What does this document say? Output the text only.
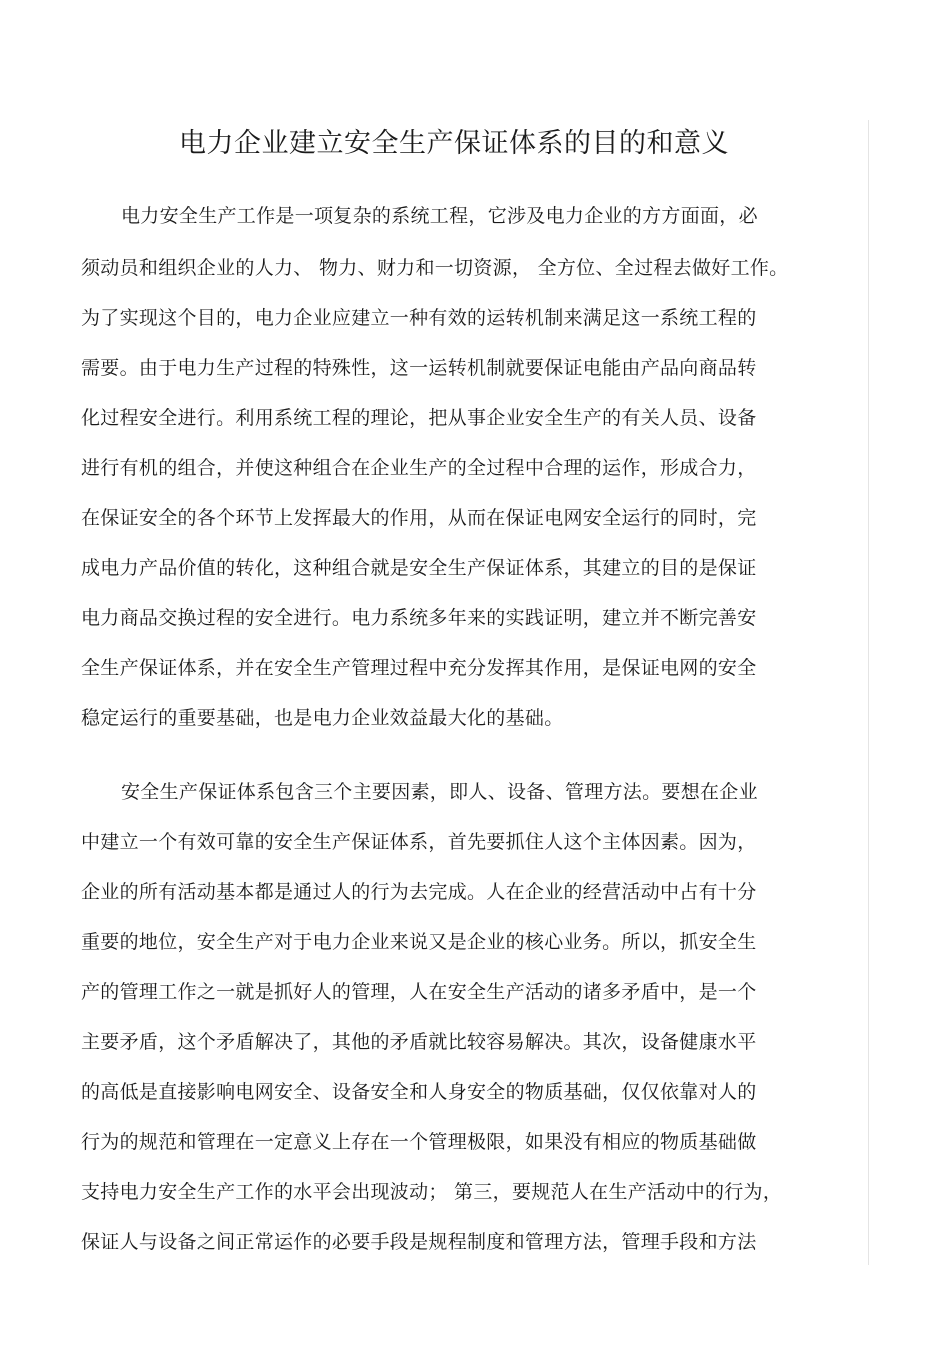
电力企业建立安全生产保证体系的目的和意义

电力安全生产工作是一项复杂的系统工程，它涉及电力企业的方方面面，必

须动员和组织企业的人力、 物力、财力和一切资源， 全方位、全过程去做好工作。

为了实现这个目的，电力企业应建立一种有效的运转机制来满足这一系统工程的

需要。由于电力生产过程的特殊性，这一运转机制就要保证电能由产品向商品转

化过程安全进行。利用系统工程的理论，把从事企业安全生产的有关人员、设备

进行有机的组合，并使这种组合在企业生产的全过程中合理的运作，形成合力，

在保证安全的各个环节上发挥最大的作用，从而在保证电网安全运行的同时，完

成电力产品价值的转化，这种组合就是安全生产保证体系，其建立的目的是保证

电力商品交换过程的安全进行。电力系统多年来的实践证明，建立并不断完善安

全生产保证体系，并在安全生产管理过程中充分发挥其作用，是保证电网的安全

稳定运行的重要基础，也是电力企业效益最大化的基础。

安全生产保证体系包含三个主要因素，即人、设备、管理方法。要想在企业

中建立一个有效可靠的安全生产保证体系，首先要抓住人这个主体因素。因为，

企业的所有活动基本都是通过人的行为去完成。人在企业的经营活动中占有十分

重要的地位，安全生产对于电力企业来说又是企业的核心业务。所以，抓安全生

产的管理工作之一就是抓好人的管理，人在安全生产活动的诸多矛盾中，是一个

主要矛盾，这个矛盾解决了，其他的矛盾就比较容易解决。其次，设备健康水平

的高低是直接影响电网安全、设备安全和人身安全的物质基础，仅仅依靠对人的

行为的规范和管理在一定意义上存在一个管理极限，如果没有相应的物质基础做

支持电力安全生产工作的水平会出现波动； 第三，要规范人在生产活动中的行为，

保证人与设备之间正常运作的必要手段是规程制度和管理方法，管理手段和方法
